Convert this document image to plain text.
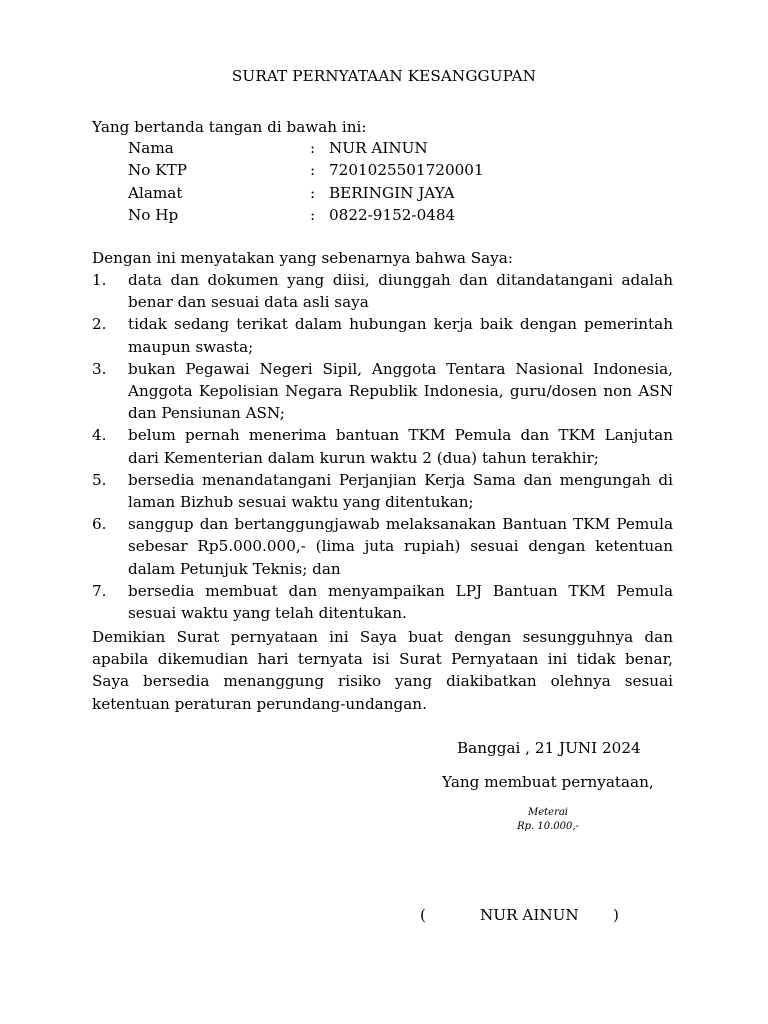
SURAT PERNYATAAN KESANGGUPAN
Yang bertanda tangan di bawah ini:
Nama	: NUR AINUN
No KTP	: 7201025501720001
Alamat	: BERINGIN JAYA
No Hp	: 0822-9152-0484
Dengan ini menyatakan yang sebenarnya bahwa Saya:
1. data dan dokumen yang diisi, diunggah dan ditandatangani adalah benar dan sesuai data asli saya
2. tidak sedang terikat dalam hubungan kerja baik dengan pemerintah maupun swasta;
3. bukan Pegawai Negeri Sipil, Anggota Tentara Nasional Indonesia, Anggota Kepolisian Negara Republik Indonesia, guru/dosen non ASN dan Pensiunan ASN;
4. belum pernah menerima bantuan TKM Pemula dan TKM Lanjutan dari Kementerian dalam kurun waktu 2 (dua) tahun terakhir;
5. bersedia menandatangani Perjanjian Kerja Sama dan mengungah di laman Bizhub sesuai waktu yang ditentukan;
6. sanggup dan bertanggungjawab melaksanakan Bantuan TKM Pemula sebesar Rp5.000.000,- (lima juta rupiah) sesuai dengan ketentuan dalam Petunjuk Teknis; dan
7. bersedia membuat dan menyampaikan LPJ Bantuan TKM Pemula sesuai waktu yang telah ditentukan.
Demikian Surat pernyataan ini Saya buat dengan sesungguhnya dan apabila dikemudian hari ternyata isi Surat Pernyataan ini tidak benar, Saya bersedia menanggung risiko yang diakibatkan olehnya sesuai ketentuan peraturan perundang-undangan.
Banggai , 21 JUNI 2024
Yang membuat pernyataan,
Meterai
Rp. 10.000,-
(	NUR AINUN )
